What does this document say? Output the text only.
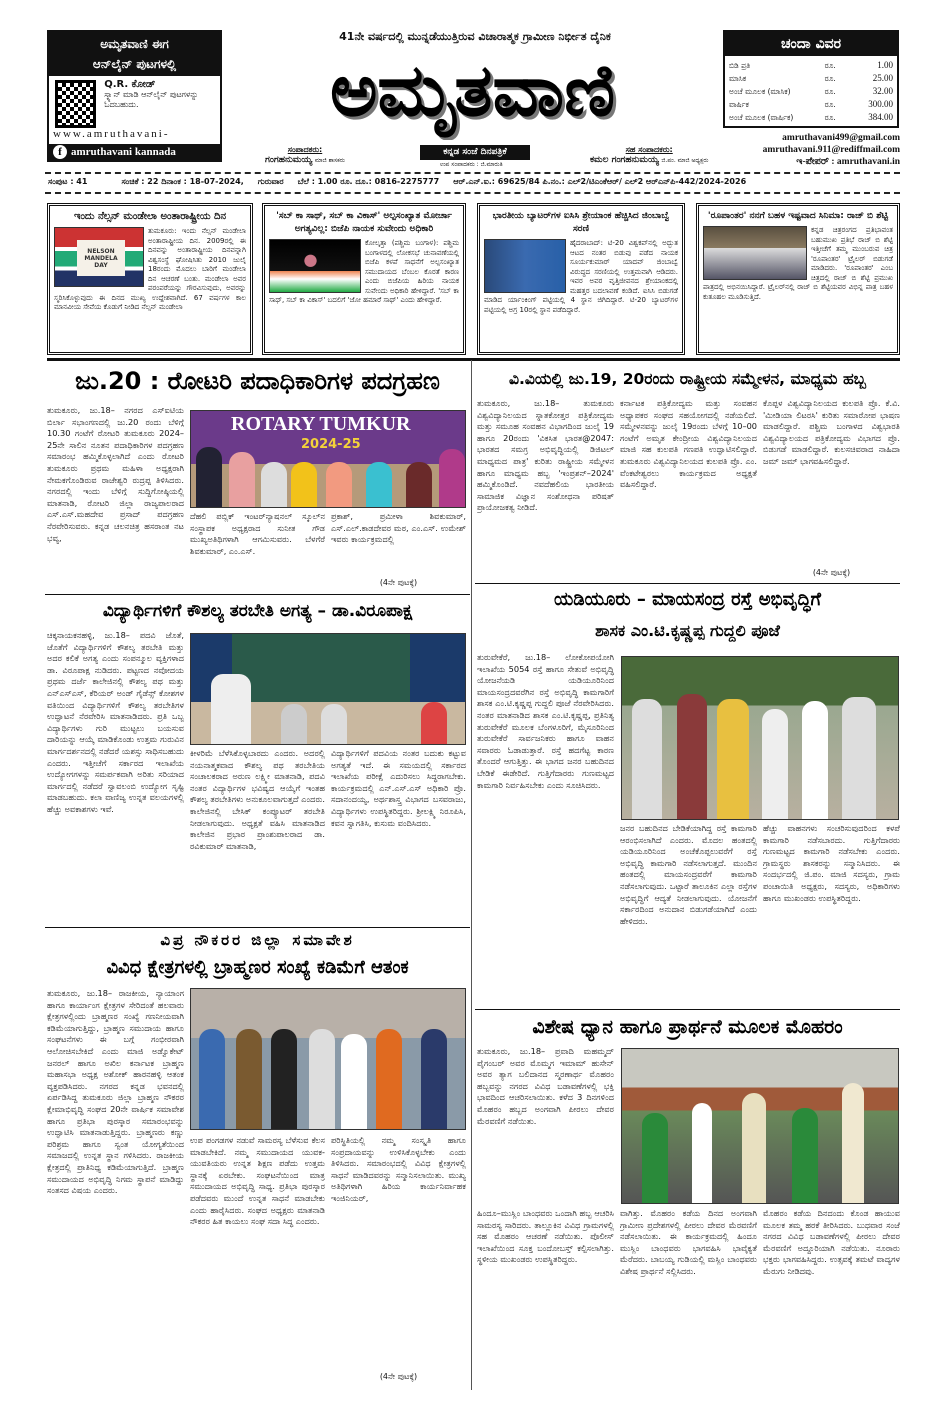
ಅಮೃತವಾಣಿ ಈಗ
ಆನ್‌ಲೈನ್ ಪುಟಗಳಲ್ಲಿ
Q.R. ಕೋಡ್
ಸ್ಕ್ಯಾನ್ ಮಾಡಿ ಆನ್‌ಲೈನ್ ಪುಟಗಳನ್ನು ಓದಬಹುದು.
www.amruthavani-
f amruthavani kannada
41ನೇ ವರ್ಷದಲ್ಲಿ ಮುನ್ನಡೆಯುತ್ತಿರುವ ವಿಚಾರಾತ್ಮಕ ಗ್ರಾಮೀಣ ನಿರ್ಭೀತ ದೈನಿಕ
ಅಮೃತವಾಣಿ
ಕನ್ನಡ ಸಂಜೆ ದಿನಪತ್ರಿಕೆ
ಸಂಪಾದಕರು:
ಗಂಗಹನುಮಯ್ಯ ಮಾಜಿ ಶಾಸಕರು
ಉಪ ಸಂಪಾದಕರು : ಜಿ.ಮಾರುತಿ
ಸಹ ಸಂಪಾದಕರು:
ಕಮಲ ಗಂಗಹನುಮಯ್ಯ ಜಿ.ಪಂ. ಮಾಜಿ ಅಧ್ಯಕ್ಷರು
ಚಂದಾ ವಿವರ
ಬಿಡಿ ಪ್ರತಿ	ರೂ.	1.00
ಮಾಸಿಕ	ರೂ.	25.00
ಅಂಚೆ ಮೂಲಕ (ಮಾಸಿಕ)	ರೂ.	32.00
ವಾರ್ಷಿಕ	ರೂ.	300.00
ಅಂಚೆ ಮೂಲಕ (ವಾರ್ಷಿಕ)	ರೂ.	384.00
amruthavani499@gmail.com
amruthavani.911@rediffmail.com
ಇ-ಪೇಪರ್ : amruthavani.in
ಸಂಪುಟ : 41	ಸಂಚಿಕೆ : 22 ದಿನಾಂಕ : 18-07-2024, ಗುರುವಾರ ಬೆಲೆ : 1.00 ರೂ. ದೂ.: 0816-2275777 ಆರ್.ಎನ್.ಐ.: 69625/84 ಪಿ.ನಂ.: ಎಲ್2/ಟಿಎಂಕೆಆರ್/ ಎಲ್2 ಆರ್‌ಎನ್‌ಪಿ-442/2024-2026
ಇಂದು ನೆಲ್ಸನ್ ಮಂಡೇಲಾ ಅಂತಾರಾಷ್ಟ್ರೀಯ ದಿನ
NELSON MANDELA DAY
ತುಮಕೂರು: ಇಂದು ನೆಲ್ಸನ್ ಮಂಡೇಲಾ ಅಂತಾರಾಷ್ಟ್ರೀಯ ದಿನ. 2009ರಲ್ಲಿ ಈ ದಿನವನ್ನು ಅಂತಾರಾಷ್ಟ್ರೀಯ ದಿನವನ್ನಾಗಿ ವಿಶ್ವಸಂಸ್ಥೆ ಘೋಷಿಸಿತು 2010 ಜುಲೈ 18ರಂದು ಮೊದಲು ಬಾರಿಗೆ ಮಂಡೇಲಾ ದಿನ ಆಚರಣೆ ಬಂತು. ಮಂಡೇಲಾ ಅವರ ಪರಂಪರೆಯನ್ನು ಗೌರವಿಸುವುದು, ಅವರನ್ನು ಸ್ಮರಿಸಿಕೊಳ್ಳುವುದು ಈ ದಿನದ ಮುಖ್ಯ ಉದ್ದೇಶವಾಗಿದೆ. 67 ವರ್ಷಗಳ ಕಾಲ ಮಾನವೀಯ ಸೇವೆಯ ಕೊಡುಗೆ ನೀಡಿದ ನೆಲ್ಸನ್ ಮಂಡೇಲಾ
'ಸಬ್ ಕಾ ಸಾಥ್, ಸಬ್ ಕಾ ವಿಕಾಸ್' ಅಲ್ಪಸಂಖ್ಯಾತ ಮೋರ್ಚಾ ಅಗತ್ಯವಿಲ್ಲ: ಬಿಜೆಪಿ ನಾಯಕ ಸುವೇಂದು ಅಧಿಕಾರಿ
ಕೋಲ್ಕತ್ತಾ (ಪಶ್ಚಿಮ ಬಂಗಾಳ): ಪಶ್ಚಿಮ ಬಂಗಾಳದಲ್ಲಿ ಲೋಕಸಭೆ ಚುನಾವಣೆಯಲ್ಲಿ ಬಿಜೆಪಿ ಕಳಪೆ ಸಾಧನೆಗೆ ಅಲ್ಪಸಂಖ್ಯಾತ ಸಮುದಾಯದ ಬೆಂಬಲ ಕೊರತೆ ಕಾರಣ ಎಂದು ಬಿಜೆಪಿಯ ಹಿರಿಯ ನಾಯಕ ಸುವೇಂದು ಅಧಿಕಾರಿ ಹೇಳಿದ್ದಾರೆ. 'ಸಬ್ ಕಾ ಸಾಥ್, ಸಬ್ ಕಾ ವಿಕಾಸ್' ಬದಲಿಗೆ 'ಜೋ ಹಮಾರೆ ಸಾಥ್' ಎಂದು ಹೇಳಿದ್ದಾರೆ.
ಭಾರತೀಯ ಬ್ಯಾಟರ್‌ಗಳ ಐಸಿಸಿ ಶ್ರೇಯಾಂಕ ಹೆಚ್ಚಿಸಿದ ಜಿಂಬಾಬ್ವೆ ಸರಣಿ
ಹೈದರಾಬಾದ್: ಟಿ-20 ವಿಶ್ವಕಪ್‌ನಲ್ಲಿ ಅದ್ಭುತ ಆಟದ ನಂತರ ಬಿಡುವು ಪಡೆದ ನಾಯಕ ಸೂರ್ಯಕುಮಾರ್ ಯಾದವ್ ಜಿಂಬಾಬ್ವೆ ವಿರುದ್ಧದ ಸರಣಿಯಲ್ಲಿ ಉತ್ತಮವಾಗಿ ಆಡಿದರು. ಇವರ ಅವರ ವೃತ್ತಿಜೀವನದ ಶ್ರೇಯಾಂಕದಲ್ಲಿ ಮಹತ್ತರ ಬದಲಾವಣೆ ಕಂಡಿದೆ. ಐಸಿಸಿ ಬಿಡುಗಡೆ ಮಾಡಿದ ರ್ಯಾಂಕಿಂಗ್ ಪಟ್ಟಿಯಲ್ಲಿ 4 ಸ್ಥಾನ ಜಿಗಿದಿದ್ದಾರೆ. ಟಿ-20 ಬ್ಯಾಟರ್‌ಗಳ ಪಟ್ಟಿಯಲ್ಲಿ ಅಗ್ರ 10ರಲ್ಲಿ ಸ್ಥಾನ ಪಡೆದಿದ್ದಾರೆ.
'ರೂಪಾಂತರ' ನನಗೆ ಬಹಳ ಇಷ್ಟವಾದ ಸಿನಿಮಾ: ರಾಜ್ ಬಿ ಶೆಟ್ಟಿ
ಕನ್ನಡ ಚಿತ್ರರಂಗದ ಪ್ರತಿಭಾವಂತ ಬಹುಮುಖ ಪ್ರತಿಭೆ ರಾಜ್ ಬಿ ಶೆಟ್ಟಿ ಇತ್ತೀಚೆಗೆ ತಮ್ಮ ಮುಂಬರುವ ಚಿತ್ರ 'ರೂಪಾಂತರ' ಟ್ರೈಲರ್ ಬಿಡುಗಡೆ ಮಾಡಿದರು. 'ರೂಪಾಂತರ' ಎಂಬ ಚಿತ್ರದಲ್ಲಿ ರಾಜ್ ಬಿ ಶೆಟ್ಟಿ ಪ್ರಮುಖ ಪಾತ್ರದಲ್ಲಿ ಅಭಿನಯಿಸಿದ್ದಾರೆ. ಟ್ರೈಲರ್‌ನಲ್ಲಿ ರಾಜ್ ಬಿ ಶೆಟ್ಟಿಯವರ ವಿಭಿನ್ನ ಪಾತ್ರ ಬಹಳ ಕುತೂಹಲ ಮೂಡಿಸುತ್ತಿದೆ.
ಜು.20 : ರೋಟರಿ ಪದಾಧಿಕಾರಿಗಳ ಪದಗ್ರಹಣ
ತುಮಕೂರು, ಜು.18– ನಗರದ ಎಸ್‌ಐಟಿಯ ಬಿರ್ಲಾ ಸಭಾಂಗಣದಲ್ಲಿ ಜು.20 ರಂದು ಬೆಳಿಗ್ಗೆ 10.30 ಗಂಟೆಗೆ ರೋಟರಿ ತುಮಕೂರು 2024–25ನೇ ಸಾಲಿನ ನೂತನ ಪದಾಧಿಕಾರಿಗಳ ಪದಗ್ರಹಣ ಸಮಾರಂಭ ಹಮ್ಮಿಕೊಳ್ಳಲಾಗಿದೆ ಎಂದು ರೋಟರಿ ತುಮಕೂರು ಪ್ರಥಮ ಮಹಿಳಾ ಅಧ್ಯಕ್ಷರಾಗಿ ನೇಮಕಗೊಂಡಿರುವ ರಾಜೇಶ್ವರಿ ರುದ್ರಪ್ಪ ತಿಳಿಸಿದರು. ನಗರದಲ್ಲಿ ಇಂದು ಬೆಳಿಗ್ಗೆ ಸುದ್ದಿಗೋಷ್ಠಿಯಲ್ಲಿ ಮಾತನಾಡಿ, ರೋಟರಿ ಜಿಲ್ಲಾ ರಾಜ್ಯಪಾಲರಾದ ಎಸ್.ಎಸ್.ಮಹದೇವ ಪ್ರಸಾದ್ ಪದಗ್ರಹಣ ನೆರವೇರಿಸುವರು. ಕನ್ನಡ ಚಲನಚಿತ್ರ ಹಸರಾಂತ ನಟ ಭವ್ಯ,
ROTARY TUMKUR
2024-25
ದೆಹಲಿ ಪಬ್ಲಿಕ್ ಇಂಟರ್‌ನ್ಯಾಷನಲ್ ಸ್ಕೂಲ್‌ನ ಸಂಸ್ಥಾಪಕ ಅಧ್ಯಕ್ಷರಾದ ಸುನೀತ ಗೌಡ ಮುಖ್ಯಅತಿಥಿಗಳಾಗಿ ಆಗಮಿಸುವರು. ಬೆಳಗೆರೆ ಶಿವಕುಮಾರ್, ಎಂ.ಎಸ್.
ಪ್ರಕಾಶ್, ಪ್ರಮೀಳಾ ಶಿವಕುಮಾರ್, ಎಸ್.ಎಲ್.ಕಾಡದೇವರ ಮಠ, ಎಂ.ಎಸ್. ಉಮೇಶ್ ಇವರು ಕಾರ್ಯಕ್ರಮದಲ್ಲಿ
(4ನೇ ಪುಟಕ್ಕೆ)
ವಿದ್ಯಾರ್ಥಿಗಳಿಗೆ ಕೌಶಲ್ಯ ತರಬೇತಿ ಅಗತ್ಯ – ಡಾ.ವಿರೂಪಾಕ್ಷ
ಚಿಕ್ಕನಾಯಕನಹಳ್ಳಿ, ಜು.18– ಪದವಿ ಜೊತೆ, ಜೊತೆಗೆ ವಿದ್ಯಾರ್ಥಿಗಳಿಗೆ ಕೌಶಲ್ಯ ತರಬೇತಿ ಮತ್ತು ಅದರ ಕಲಿಕೆ ಅಗತ್ಯ ಎಂದು ಸಂಪನ್ಮೂಲ ವ್ಯಕ್ತಿಗಳಾದ ಡಾ. ವಿರೂಪಾಕ್ಷ ನುಡಿದರು. ಪಟ್ಟಣದ ನವೋದಯ ಪ್ರಥಮ ದರ್ಜೆ ಕಾಲೇಜಿನಲ್ಲಿ ಕೌಶಲ್ಯ ಪಥ ಮತ್ತು ಎನ್‌ಎಸ್‌ಎಸ್, ಕೆರಿಯರ್ ಅಂಡ್ ಗೈಡೆನ್ಸ್ ಕೋಶಗಳ ವತಿಯಿಂದ ವಿದ್ಯಾರ್ಥಿಗಳಿಗೆ ಕೌಶಲ್ಯ ತರಬೇತಿಗಳ ಉದ್ಘಾಟನೆ ನೆರವೇರಿಸಿ ಮಾತನಾಡಿದರು. ಪ್ರತಿ ಒಬ್ಬ ವಿದ್ಯಾರ್ಥಿಗಳು ಗುರಿ ಮುಟ್ಟಲು ಬಯಸುವ ದಾರಿಯನ್ನು ಆಯ್ಕೆ ಮಾಡಿಕೊಂಡು ಉತ್ತಮ ಗುರುವಿನ ಮಾರ್ಗದರ್ಶನದಲ್ಲಿ ನಡೆದರೆ ಯಶಸ್ಸು ಸಾಧಿಸಬಹುದು ಎಂದರು. ಇತ್ತೀಚೆಗೆ ಸರ್ಕಾರದ ಇಲಾಖೆಯ ಉದ್ಯೋಗಗಳನ್ನು ಸಮರ್ಪಕವಾಗಿ ಅರಿತು ಸರಿಯಾದ ಮಾರ್ಗದಲ್ಲಿ ನಡೆದರೆ ಸ್ವಾವಲಂಬಿ ಉದ್ಯೋಗ ಸೃಷ್ಟಿ ಮಾಡಬಹುದು. ಕಲಾ ವಾಣಿಜ್ಯ ಉನ್ನತ ವಲಯಗಳಲ್ಲಿ ಹೆಚ್ಚು ಅವಕಾಶಗಳು ಇವೆ.
ಕೀಳರಿಮೆ ಬೆಳೆಸಿಕೊಳ್ಳಬಾರದು ಎಂದರು. ಅದರಲ್ಲಿ ನಯನಾತ್ಮಕವಾದ ಕೌಶಲ್ಯ ಪಥ ತರಬೇತಿಯ ಸಂಚಾಲಕರಾದ ಅರುಣ ಲಕ್ಷ್ಮೀ ಮಾತನಾಡಿ, ಪದವಿ ನಂತರ ವಿದ್ಯಾರ್ಥಿಗಳ ಭವಿಷ್ಯದ ಆಯ್ಕೆಗೆ ಇಂತಹ ಕೌಶಲ್ಯ ತರಬೇತಿಗಳು ಅನುಕೂಲವಾಗುತ್ತದೆ ಎಂದರು. ಕಾಲೇಜಿನಲ್ಲಿ ಬೇಸಿಕ್ ಕಂಪ್ಯೂಟರ್ ತರಬೇತಿ ನೀಡಲಾಗುವುದು. ಅಧ್ಯಕ್ಷತೆ ವಹಿಸಿ ಮಾತನಾಡಿದ ಕಾಲೇಜಿನ ಪ್ರಭಾರ ಪ್ರಾಂಶುಪಾಲರಾದ ಡಾ. ರವಿಕುಮಾರ್ ಮಾತನಾಡಿ,
ವಿದ್ಯಾರ್ಥಿಗಳಿಗೆ ಪದವಿಯ ನಂತರ ಬದುಕು ಕಟ್ಟುವ ಅಗತ್ಯತೆ ಇದೆ. ಈ ಸಮಯದಲ್ಲಿ ಸರ್ಕಾರದ ಇಲಾಖೆಯ ಪರೀಕ್ಷೆ ಎದುರಿಸಲು ಸಿದ್ಧರಾಗಬೇಕು. ಕಾರ್ಯಕ್ರಮದಲ್ಲಿ ಎನ್.ಎಸ್.ಎಸ್ ಅಧಿಕಾರಿ ಪ್ರೊ. ಸದಾನಂದಯ್ಯ, ಅರ್ಥಶಾಸ್ತ್ರ ವಿಭಾಗದ ಬಸವರಾಜು, ವಿದ್ಯಾರ್ಥಿಗಳು ಉಪಸ್ಥಿತರಿದ್ದರು. ಶ್ರೀಲಕ್ಷ್ಮಿ ನಿರೂಪಿಸಿ, ಕವನ ಸ್ವಾಗತಿಸಿ, ಕುಸುಮ ವಂದಿಸಿದರು.
ವಿಪ್ರ ನೌಕರರ ಜಿಲ್ಲಾ ಸಮಾವೇಶ
ವಿವಿಧ ಕ್ಷೇತ್ರಗಳಲ್ಲಿ ಬ್ರಾಹ್ಮಣರ ಸಂಖ್ಯೆ ಕಡಿಮೆಗೆ ಆತಂಕ
ತುಮಕೂರು, ಜು.18– ರಾಜಕೀಯ, ನ್ಯಾಯಾಂಗ ಹಾಗೂ ಕಾರ್ಯಾಂಗ ಕ್ಷೇತ್ರಗಳ ಸೇರಿದಂತೆ ಹಲವಾರು ಕ್ಷೇತ್ರಗಳಲ್ಲಿಂದು ಬ್ರಾಹ್ಮಣರ ಸಂಖ್ಯೆ ಗಣನೀಯವಾಗಿ ಕಡಿಮೆಯಾಗುತ್ತಿದ್ದು, ಬ್ರಾಹ್ಮಣ ಸಮುದಾಯ ಹಾಗೂ ಸಂಘಟನೆಗಳು ಈ ಬಗ್ಗೆ ಗಂಭೀರವಾಗಿ ಆಲೋಚಿಸಬೇಕಿದೆ ಎಂದು ಮಾಜಿ ಅಡ್ವೊಕೇಟ್ ಜನರಲ್ ಹಾಗೂ ಅಖಿಲ ಕರ್ನಾಟಕ ಬ್ರಾಹ್ಮಣ ಮಹಾಸಭಾ ಅಧ್ಯಕ್ಷ ಅಶೋಕ್ ಹಾರನಹಳ್ಳಿ ಆತಂಕ ವ್ಯಕ್ತಪಡಿಸಿದರು. ನಗರದ ಕನ್ನಡ ಭವನದಲ್ಲಿ ಏರ್ಪಡಿಸಿದ್ದ ತುಮಕೂರು ಜಿಲ್ಲಾ ಬ್ರಾಹ್ಮಣ ನೌಕರರ ಕ್ಷೇಮಾಭಿವೃದ್ಧಿ ಸಂಘದ 20ನೇ ವಾರ್ಷಿಕ ಸಮಾವೇಶ ಹಾಗೂ ಪ್ರತಿಭಾ ಪುರಸ್ಕಾರ ಸಮಾರಂಭವನ್ನು ಉದ್ಘಾಟಿಸಿ ಮಾತನಾಡುತ್ತಿದ್ದರು. ಬ್ರಾಹ್ಮಣರು ಕಣ್ಣು ಪರಿಶ್ರಮ ಹಾಗೂ ಸ್ವಂತ ಯೋಗ್ಯತೆಯಿಂದ ಸಮಾಜದಲ್ಲಿ ಉನ್ನತ ಸ್ಥಾನ ಗಳಿಸಿದರು. ರಾಜಕೀಯ ಕ್ಷೇತ್ರದಲ್ಲಿ ಪ್ರಾತಿನಿಧ್ಯ ಕಡಿಮೆಯಾಗುತ್ತಿದೆ. ಬ್ರಾಹ್ಮಣ ಸಮುದಾಯದ ಅಭಿವೃದ್ಧಿ ನಿಗಮ ಸ್ಥಾಪನೆ ಮಾಡಿದ್ದು ಸಂತಸದ ವಿಷಯ ಎಂದರು.
ಉಪ ಪಂಗಡಗಳ ನಡುವೆ ಸಾಮರಸ್ಯ ಬೆಳೆಸುವ ಕೆಲಸ ಮಾಡಬೇಕಿದೆ. ನಮ್ಮ ಸಮುದಾಯದ ಯುವಕ-ಯುವತಿಯರು ಉನ್ನತ ಶಿಕ್ಷಣ ಪಡೆದು ಉತ್ತಮ ಸ್ಥಾನಕ್ಕೆ ಏರಬೇಕು. ಸಂಘಟನೆಯಿಂದ ಮಾತ್ರ ಸಮುದಾಯದ ಅಭಿವೃದ್ಧಿ ಸಾಧ್ಯ. ಪ್ರತಿಭಾ ಪುರಸ್ಕಾರ ಪಡೆದವರು ಮುಂದೆ ಉನ್ನತ ಸಾಧನೆ ಮಾಡಬೇಕು ಎಂದು ಹಾರೈಸಿದರು. ಸಂಘದ ಅಧ್ಯಕ್ಷರು ಮಾತನಾಡಿ ನೌಕರರ ಹಿತ ಕಾಯಲು ಸಂಘ ಸದಾ ಸಿದ್ಧ ಎಂದರು.
ಪರಿಸ್ಥಿತಿಯಲ್ಲಿ ನಮ್ಮ ಸಂಸ್ಕೃತಿ ಹಾಗೂ ಸಂಪ್ರದಾಯವನ್ನು ಉಳಿಸಿಕೊಳ್ಳಬೇಕು ಎಂದು ತಿಳಿಸಿದರು. ಸಮಾರಂಭದಲ್ಲಿ ವಿವಿಧ ಕ್ಷೇತ್ರಗಳಲ್ಲಿ ಸಾಧನೆ ಮಾಡಿದವರನ್ನು ಸನ್ಮಾನಿಸಲಾಯಿತು. ಮುಖ್ಯ ಅತಿಥಿಗಳಾಗಿ ಹಿರಿಯ ಕಾರ್ಯನಿರ್ವಾಹಕ ಇಂಜಿನಿಯರ್,
(4ನೇ ಪುಟಕ್ಕೆ)
ವಿ.ವಿಯಲ್ಲಿ ಜು.19, 20ರಂದು ರಾಷ್ಟ್ರೀಯ ಸಮ್ಮೇಳನ, ಮಾಧ್ಯಮ ಹಬ್ಬ
ತುಮಕೂರು, ಜು.18– ತುಮಕೂರು ವಿಶ್ವವಿದ್ಯಾನಿಲಯದ ಸ್ನಾತಕೋತ್ತರ ಪತ್ರಿಕೋದ್ಯಮ ಮತ್ತು ಸಮೂಹ ಸಂವಹನ ವಿಭಾಗದಿಂದ ಜುಲೈ 19 ಹಾಗೂ 20ರಂದು 'ವಿಕಸಿತ ಭಾರತ@2047: ಭಾರತದ ಸಮಗ್ರ ಅಭಿವೃದ್ಧಿಯಲ್ಲಿ ಡಿಜಿಟಲ್ ಮಾಧ್ಯಮದ ಪಾತ್ರ' ಕುರಿತು ರಾಷ್ಟ್ರೀಯ ಸಮ್ಮೇಳನ ಹಾಗೂ ಮಾಧ್ಯಮ ಹಬ್ಬ 'ಇಂಪ್ರಶನ್–2024' ಹಮ್ಮಿಕೊಂಡಿದೆ. ನವದೆಹಲಿಯ ಭಾರತೀಯ ಸಾಮಾಜಿಕ ವಿಜ್ಞಾನ ಸಂಶೋಧನಾ ಪರಿಷತ್ ಪ್ರಾಯೋಜಕತ್ವ ನೀಡಿದೆ.
ಕರ್ನಾಟಕ ಪತ್ರಿಕೋದ್ಯಮ ಮತ್ತು ಸಂವಹನ ಅಧ್ಯಾಪಕರ ಸಂಘದ ಸಹಯೋಗದಲ್ಲಿ ನಡೆಯಲಿದೆ. ಸಮ್ಮೇಳನವನ್ನು ಜುಲೈ 19ರಂದು ಬೆಳಗ್ಗೆ 10–00 ಗಂಟೆಗೆ ಅಮೃತ ಕೇಂದ್ರೀಯ ವಿಶ್ವವಿದ್ಯಾನಿಲಯದ ಮಾಜಿ ಸಹ ಕುಲಪತಿ ಗಣಪತಿ ಉದ್ಘಾಟಿಸಲಿದ್ದಾರೆ. ತುಮಕೂರು ವಿಶ್ವವಿದ್ಯಾನಿಲಯದ ಕುಲಪತಿ ಪ್ರೊ. ಎಂ. ವೆಂಕಟೇಶ್ವರಲು ಕಾರ್ಯಕ್ರಮದ ಅಧ್ಯಕ್ಷತೆ ವಹಿಸಲಿದ್ದಾರೆ.
ಕೊಪ್ಪಳ ವಿಶ್ವವಿದ್ಯಾನಿಲಯದ ಕುಲಪತಿ ಪ್ರೊ. ಕೆ.ವಿ. 'ಮೀಡಿಯಾ ಲಿಟರಸಿ' ಕುರಿತು ಸಮಾರೋಪ ಭಾಷಣ ಮಾಡಲಿದ್ದಾರೆ. ಪಶ್ಚಿಮ ಬಂಗಾಳದ ವಿಶ್ವಭಾರತಿ ವಿಶ್ವವಿದ್ಯಾಲಯದ ಪತ್ರಿಕೋದ್ಯಮ ವಿಭಾಗದ ಪ್ರೊ. ಬಿಡುಗಡೆ ಮಾಡಲಿದ್ದಾರೆ. ಕುಲಸಚಿವರಾದ ನಾಹಿದಾ ಜಮ್ ಜಮ್ ಭಾಗವಹಿಸಲಿದ್ದಾರೆ.
(4ನೇ ಪುಟಕ್ಕೆ)
ಯಡಿಯೂರು – ಮಾಯಸಂದ್ರ ರಸ್ತೆ ಅಭಿವೃದ್ಧಿಗೆ
ಶಾಸಕ ಎಂ.ಟಿ.ಕೃಷ್ಣಪ್ಪ ಗುದ್ದಲಿ ಪೂಜೆ
ತುರುವೇಕೆರೆ, ಜು.18– ಲೋಕೋಪಯೋಗಿ ಇಲಾಖೆಯ 5054 ರಸ್ತೆ ಹಾಗೂ ಸೇತುವೆ ಅಭಿವೃದ್ಧಿ ಯೋಜನೆಯಡಿ ಯಡಿಯೂರಿನಿಂದ ಮಾಯಸಂದ್ರದವರೆಗಿನ ರಸ್ತೆ ಅಭಿವೃದ್ಧಿ ಕಾಮಗಾರಿಗೆ ಶಾಸಕ ಎಂ.ಟಿ.ಕೃಷ್ಣಪ್ಪ ಗುದ್ದಲಿ ಪೂಜೆ ನೆರವೇರಿಸಿದರು. ನಂತರ ಮಾತನಾಡಿದ ಶಾಸಕ ಎಂ.ಟಿ.ಕೃಷ್ಣಪ್ಪ, ಪ್ರತಿನಿತ್ಯ ತುರುವೇಕೆರೆ ಮೂಲಕ ಬೆಂಗಳೂರಿಗೆ, ಮೈಸೂರಿನಿಂದ ತುರುವೇಕೆರೆ ಸಾರ್ವಜನಿಕರು ಹಾಗೂ ವಾಹನ ಸವಾರರು ಓಡಾಡುತ್ತಾರೆ. ರಸ್ತೆ ಹದಗೆಟ್ಟ ಕಾರಣ ತೊಂದರೆ ಆಗುತ್ತಿತ್ತು. ಈ ಭಾಗದ ಜನರ ಬಹುದಿನದ ಬೇಡಿಕೆ ಈಡೇರಿದೆ. ಗುತ್ತಿಗೆದಾರರು ಗುಣಮಟ್ಟದ ಕಾಮಗಾರಿ ನಿರ್ವಹಿಸಬೇಕು ಎಂದು ಸೂಚಿಸಿದರು.
ಜನರ ಬಹುದಿನದ ಬೇಡಿಕೆಯಾಗಿದ್ದ ರಸ್ತೆ ಕಾಮಗಾರಿ ಆರಂಭಿಸಲಾಗಿದೆ ಎಂದರು. ಮೊದಲ ಹಂತದಲ್ಲಿ ಯಡಿಯೂರಿನಿಂದ ಅಂಚೆಕೊಪ್ಪಲುವರೆಗೆ ರಸ್ತೆ ಅಭಿವೃದ್ಧಿ ಕಾಮಗಾರಿ ನಡೆಸಲಾಗುತ್ತದೆ. ಮುಂದಿನ ಹಂತದಲ್ಲಿ ಮಾಯಸಂದ್ರವರೆಗೆ ಕಾಮಗಾರಿ ನಡೆಸಲಾಗುವುದು. ಒಟ್ಟಾರೆ ತಾಲೂಕಿನ ಎಲ್ಲಾ ರಸ್ತೆಗಳ ಅಭಿವೃದ್ಧಿಗೆ ಆದ್ಯತೆ ನೀಡಲಾಗುವುದು. ಯೋಜನೆಗೆ ಸರ್ಕಾರದಿಂದ ಅನುದಾನ ಬಿಡುಗಡೆಯಾಗಿದೆ ಎಂದು ಹೇಳಿದರು.
ಹೆಚ್ಚು ವಾಹನಗಳು ಸಂಚರಿಸುವುದರಿಂದ ಕಳಪೆ ಕಾಮಗಾರಿ ನಡೆಸಬಾರದು. ಗುತ್ತಿಗೆದಾರರು ಗುಣಮಟ್ಟದ ಕಾಮಗಾರಿ ನಡೆಸಬೇಕು ಎಂದರು. ಗ್ರಾಮಸ್ಥರು ಶಾಸಕರನ್ನು ಸನ್ಮಾನಿಸಿದರು. ಈ ಸಂದರ್ಭದಲ್ಲಿ ಜಿ.ಪಂ. ಮಾಜಿ ಸದಸ್ಯರು, ಗ್ರಾಮ ಪಂಚಾಯಿತಿ ಅಧ್ಯಕ್ಷರು, ಸದಸ್ಯರು, ಅಧಿಕಾರಿಗಳು ಹಾಗೂ ಮುಖಂಡರು ಉಪಸ್ಥಿತರಿದ್ದರು.
ವಿಶೇಷ ಧ್ಯಾನ ಹಾಗೂ ಪ್ರಾರ್ಥನೆ ಮೂಲಕ ಮೊಹರಂ
ತುಮಕೂರು, ಜು.18– ಪ್ರವಾದಿ ಮಹಮ್ಮದ್ ಪೈಗಂಬರ್ ಅವರ ಮೊಮ್ಮಗ ಇಮಾಮ್ ಹುಸೇನ್ ಅವರ ತ್ಯಾಗ ಬಲಿದಾನದ ಸ್ಮರಣಾರ್ಥ ಮೊಹರಂ ಹಬ್ಬವನ್ನು ನಗರದ ವಿವಿಧ ಬಡಾವಣೆಗಳಲ್ಲಿ ಭಕ್ತಿ ಭಾವದಿಂದ ಆಚರಿಸಲಾಯಿತು. ಕಳೆದ 3 ದಿನಗಳಿಂದ ಮೊಹರಂ ಹಬ್ಬದ ಅಂಗವಾಗಿ ಪೀರಲು ದೇವರ ಮೆರವಣಿಗೆ ನಡೆಯಿತು.
ವಾಗಿತ್ತು. ಮೊಹರಂ ಕಡೆಯ ದಿನದ ಅಂಗವಾಗಿ ಗ್ರಾಮೀಣ ಪ್ರದೇಶಗಳಲ್ಲಿ ಪೀರಲು ದೇವರ ಮೆರವಣಿಗೆ ನಡೆಸಲಾಯಿತು. ಈ ಕಾರ್ಯಕ್ರಮದಲ್ಲಿ ಹಿಂದೂ ಮುಸ್ಲಿಂ ಬಾಂಧವರು ಭಾಗವಹಿಸಿ ಭಾವೈಕ್ಯತೆ ಮೆರೆದರು. ಬಾಬಯ್ಯ ಗುಡಿಯಲ್ಲಿ ಮಸ್ಲಿಂ ಬಾಂಧವರು ವಿಶೇಷ ಪ್ರಾರ್ಥನೆ ಸಲ್ಲಿಸಿದರು.
ಮೊಹರಂ ಕಡೆಯ ದಿನದಂದು ಕೊಂಡ ಹಾಯುವ ಮೂಲಕ ತಮ್ಮ ಹರಕೆ ತೀರಿಸಿದರು. ಬುಧವಾರ ಸಂಜೆ ನಗರದ ವಿವಿಧ ಬಡಾವಣೆಗಳಲ್ಲಿ ಪೀರಲು ದೇವರ ಮೆರವಣಿಗೆ ಅದ್ದೂರಿಯಾಗಿ ನಡೆಯಿತು. ನೂರಾರು ಭಕ್ತರು ಭಾಗವಹಿಸಿದ್ದರು. ಉತ್ಸವಕ್ಕೆ ತಮಟೆ ವಾದ್ಯಗಳ ಮೆರುಗು ನೀಡಿದವು.
ಹಿಂದೂ–ಮುಸ್ಲಿಂ ಬಾಂಧವರು ಒಂದಾಗಿ ಹಬ್ಬ ಆಚರಿಸಿ ಸಾಮರಸ್ಯ ಸಾರಿದರು. ತಾಲ್ಲೂಕಿನ ವಿವಿಧ ಗ್ರಾಮಗಳಲ್ಲಿ ಸಹ ಮೊಹರಂ ಆಚರಣೆ ನಡೆಯಿತು. ಪೊಲೀಸ್ ಇಲಾಖೆಯಿಂದ ಸೂಕ್ತ ಬಂದೋಬಸ್ತ್ ಕಲ್ಪಿಸಲಾಗಿತ್ತು. ಸ್ಥಳೀಯ ಮುಖಂಡರು ಉಪಸ್ಥಿತರಿದ್ದರು.
